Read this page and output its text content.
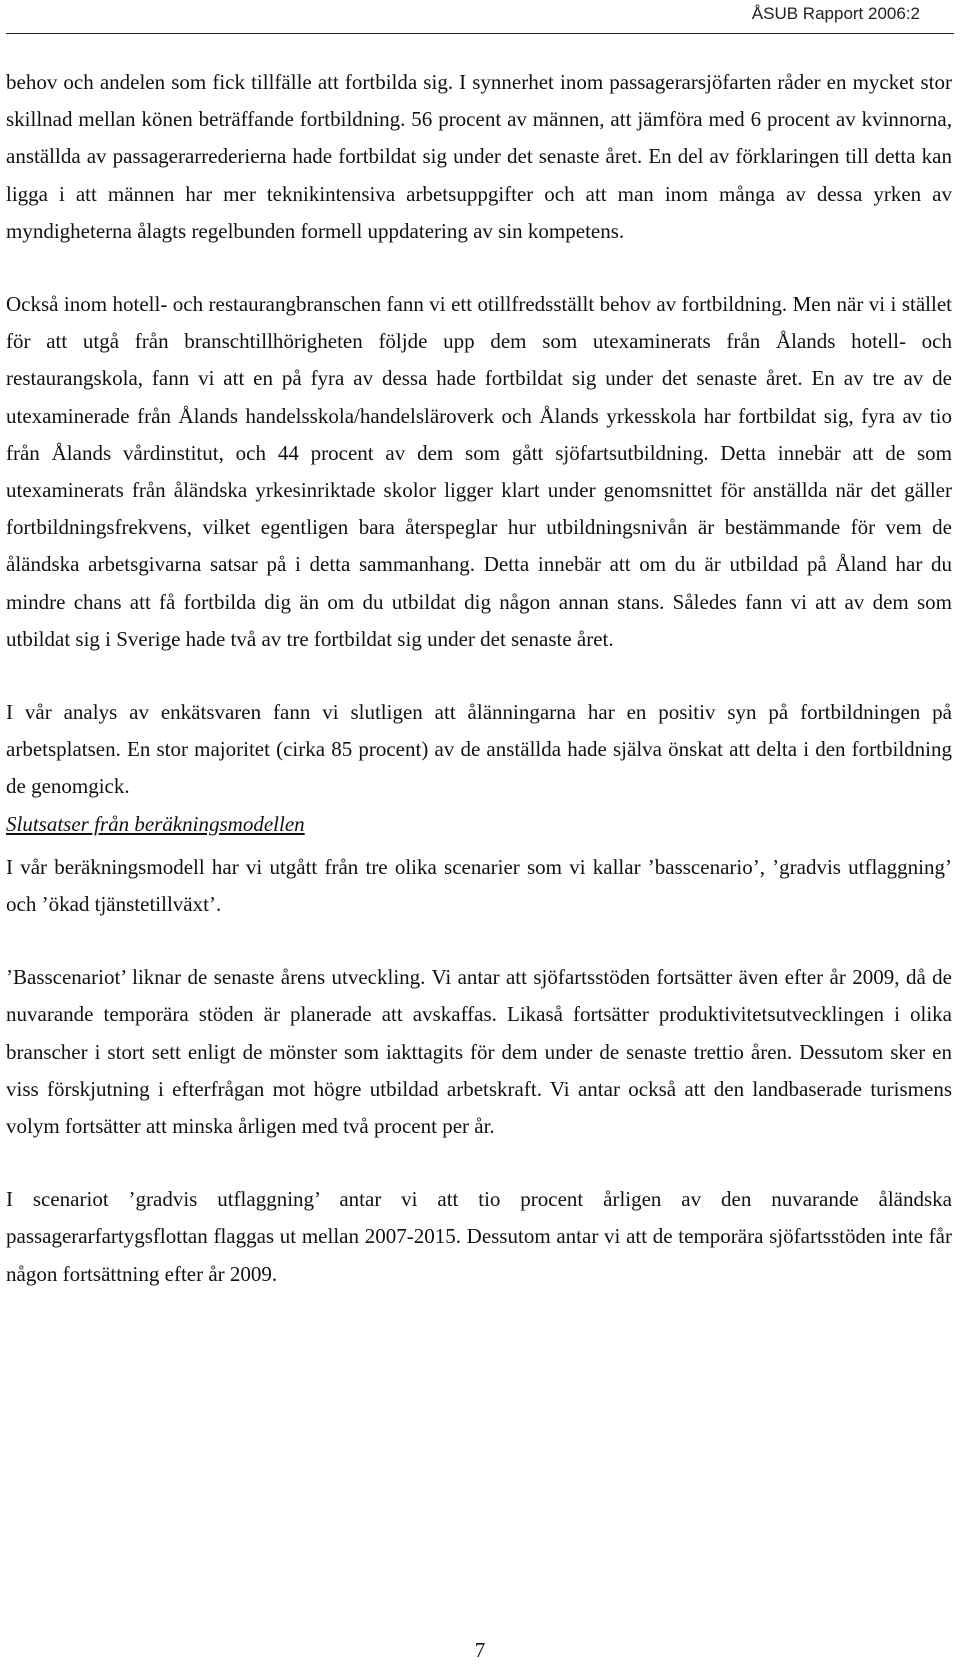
ÅSUB Rapport 2006:2

behov och andelen som fick tillfälle att fortbilda sig. I synnerhet inom passagerarsjöfarten råder en mycket stor skillnad mellan könen beträffande fortbildning. 56 procent av männen, att jämföra med 6 procent av kvinnorna, anställda av passagerarrederierna hade fortbildat sig under det senaste året. En del av förklaringen till detta kan ligga i att männen har mer teknikintensiva arbetsuppgifter och att man inom många av dessa yrken av myndigheterna ålagts regelbunden formell uppdatering av sin kompetens.

Också inom hotell- och restaurangbranschen fann vi ett otillfredsställt behov av fortbildning. Men när vi i stället för att utgå från branschtillhörigheten följde upp dem som utexaminerats från Ålands hotell- och restaurangskola, fann vi att en på fyra av dessa hade fortbildat sig under det senaste året. En av tre av de utexaminerade från Ålands handelsskola/handelsläroverk och Ålands yrkesskola har fortbildat sig, fyra av tio från Ålands vårdinstitut, och 44 procent av dem som gått sjöfartsutbildning. Detta innebär att de som utexaminerats från åländska yrkesinriktade skolor ligger klart under genomsnittet för anställda när det gäller fortbildningsfrekvens, vilket egentligen bara återspeglar hur utbildningsnivån är bestämmande för vem de åländska arbetsgivarna satsar på i detta sammanhang. Detta innebär att om du är utbildad på Åland har du mindre chans att få fortbilda dig än om du utbildat dig någon annan stans. Således fann vi att av dem som utbildat sig i Sverige hade två av tre fortbildat sig under det senaste året.

I vår analys av enkätsvaren fann vi slutligen att ålänningarna har en positiv syn på fortbildningen på arbetsplatsen. En stor majoritet (cirka 85 procent) av de anställda hade själva önskat att delta i den fortbildning de genomgick.

Slutsatser från beräkningsmodellen

I vår beräkningsmodell har vi utgått från tre olika scenarier som vi kallar ’basscenario’, ’gradvis utflaggning’ och ’ökad tjänstetillväxt’.

’Basscenariot’ liknar de senaste årens utveckling. Vi antar att sjöfartsstöden fortsätter även efter år 2009, då de nuvarande temporära stöden är planerade att avskaffas. Likaså fortsätter produktivitetsutvecklingen i olika branscher i stort sett enligt de mönster som iakttagits för dem under de senaste trettio åren. Dessutom sker en viss förskjutning i efterfrågan mot högre utbildad arbetskraft. Vi antar också att den landbaserade turismens volym fortsätter att minska årligen med två procent per år.

I scenariot ’gradvis utflaggning’ antar vi att tio procent årligen av den nuvarande åländska passagerarfartygsflottan flaggas ut mellan 2007-2015. Dessutom antar vi att de temporära sjöfartsstöden inte får någon fortsättning efter år 2009.

7
